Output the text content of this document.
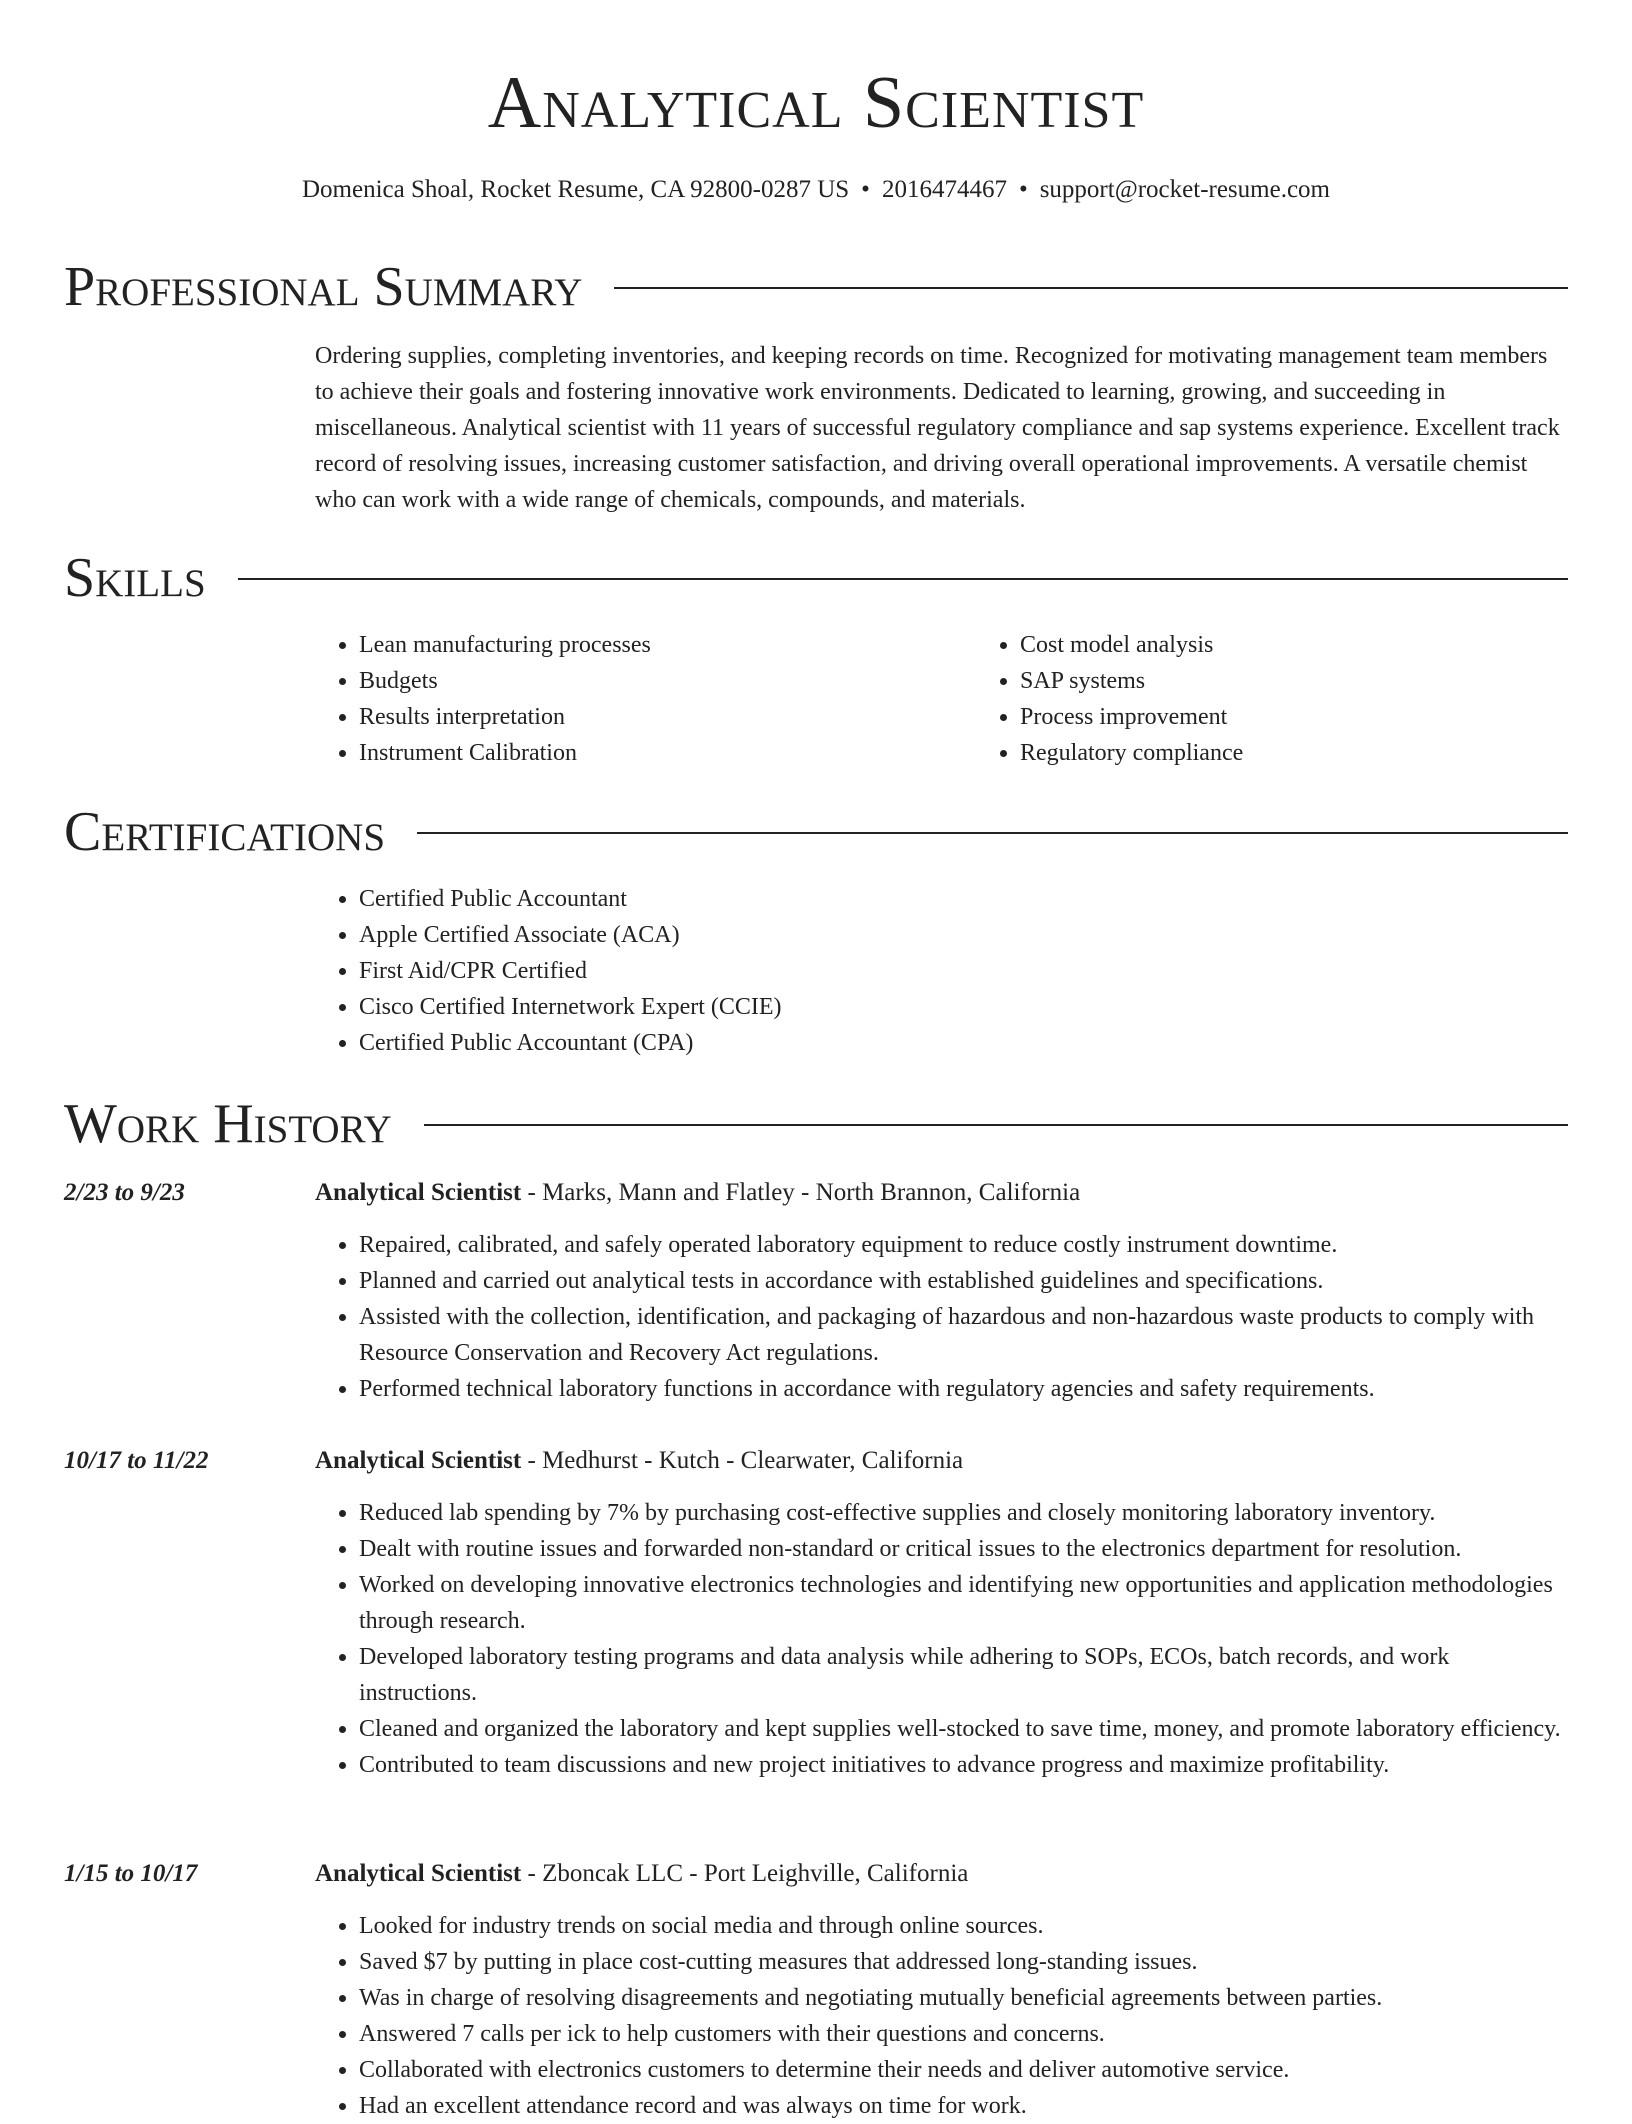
Analytical Scientist
Domenica Shoal, Rocket Resume, CA 92800-0287 US • 2016474467 • support@rocket-resume.com
Professional Summary
Ordering supplies, completing inventories, and keeping records on time. Recognized for motivating management team members to achieve their goals and fostering innovative work environments. Dedicated to learning, growing, and succeeding in miscellaneous. Analytical scientist with 11 years of successful regulatory compliance and sap systems experience. Excellent track record of resolving issues, increasing customer satisfaction, and driving overall operational improvements. A versatile chemist who can work with a wide range of chemicals, compounds, and materials.
Skills
• Lean manufacturing processes
• Budgets
• Results interpretation
• Instrument Calibration
• Cost model analysis
• SAP systems
• Process improvement
• Regulatory compliance
Certifications
• Certified Public Accountant
• Apple Certified Associate (ACA)
• First Aid/CPR Certified
• Cisco Certified Internetwork Expert (CCIE)
• Certified Public Accountant (CPA)
Work History
2/23 to 9/23	Analytical Scientist - Marks, Mann and Flatley - North Brannon, California
• Repaired, calibrated, and safely operated laboratory equipment to reduce costly instrument downtime.
• Planned and carried out analytical tests in accordance with established guidelines and specifications.
• Assisted with the collection, identification, and packaging of hazardous and non-hazardous waste products to comply with Resource Conservation and Recovery Act regulations.
• Performed technical laboratory functions in accordance with regulatory agencies and safety requirements.
10/17 to 11/22	Analytical Scientist - Medhurst - Kutch - Clearwater, California
• Reduced lab spending by 7% by purchasing cost-effective supplies and closely monitoring laboratory inventory.
• Dealt with routine issues and forwarded non-standard or critical issues to the electronics department for resolution.
• Worked on developing innovative electronics technologies and identifying new opportunities and application methodologies through research.
• Developed laboratory testing programs and data analysis while adhering to SOPs, ECOs, batch records, and work instructions.
• Cleaned and organized the laboratory and kept supplies well-stocked to save time, money, and promote laboratory efficiency.
• Contributed to team discussions and new project initiatives to advance progress and maximize profitability.
1/15 to 10/17	Analytical Scientist - Zboncak LLC - Port Leighville, California
• Looked for industry trends on social media and through online sources.
• Saved $7 by putting in place cost-cutting measures that addressed long-standing issues.
• Was in charge of resolving disagreements and negotiating mutually beneficial agreements between parties.
• Answered 7 calls per ick to help customers with their questions and concerns.
• Collaborated with electronics customers to determine their needs and deliver automotive service.
• Had an excellent attendance record and was always on time for work.
